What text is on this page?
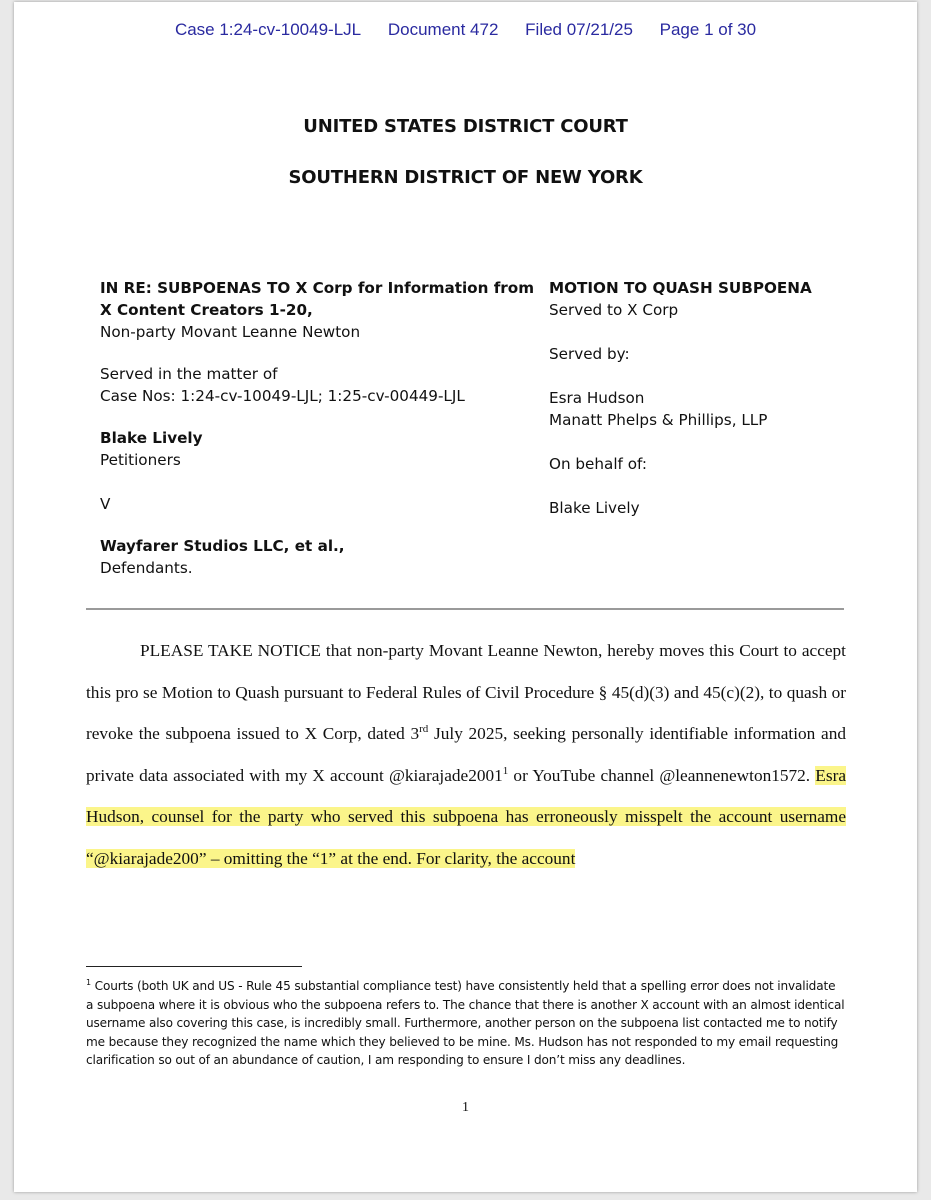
Case 1:24-cv-10049-LJL Document 472 Filed 07/21/25 Page 1 of 30
UNITED STATES DISTRICT COURT
SOUTHERN DISTRICT OF NEW YORK
IN RE: SUBPOENAS TO X Corp for Information from
X Content Creators 1-20,
Non-party Movant Leanne Newton
Served in the matter of
Case Nos: 1:24-cv-10049-LJL; 1:25-cv-00449-LJL
Blake Lively
Petitioners
V
Wayfarer Studios LLC, et al.,
Defendants.
MOTION TO QUASH SUBPOENA
Served to X Corp
Served by:
Esra Hudson
Manatt Phelps & Phillips, LLP
On behalf of:
Blake Lively

PLEASE TAKE NOTICE that non-party Movant Leanne Newton, hereby moves this Court to accept this pro se Motion to Quash pursuant to Federal Rules of Civil Procedure § 45(d)(3) and 45(c)(2), to quash or revoke the subpoena issued to X Corp, dated 3rd July 2025, seeking personally identifiable information and private data associated with my X account @kiarajade2001$^1$ or YouTube channel @leannenewton1572. Esra Hudson, counsel for the party who served this subpoena has erroneously misspelt the account username “@kiarajade200” – omitting the “1” at the end. For clarity, the account

$^1$ Courts (both UK and US - Rule 45 substantial compliance test) have consistently held that a spelling error does not invalidate a subpoena where it is obvious who the subpoena refers to. The chance that there is another X account with an almost identical username also covering this case, is incredibly small. Furthermore, another person on the subpoena list contacted me to notify me because they recognized the name which they believed to be mine. Ms. Hudson has not responded to my email requesting clarification so out of an abundance of caution, I am responding to ensure I don’t miss any deadlines.
1
